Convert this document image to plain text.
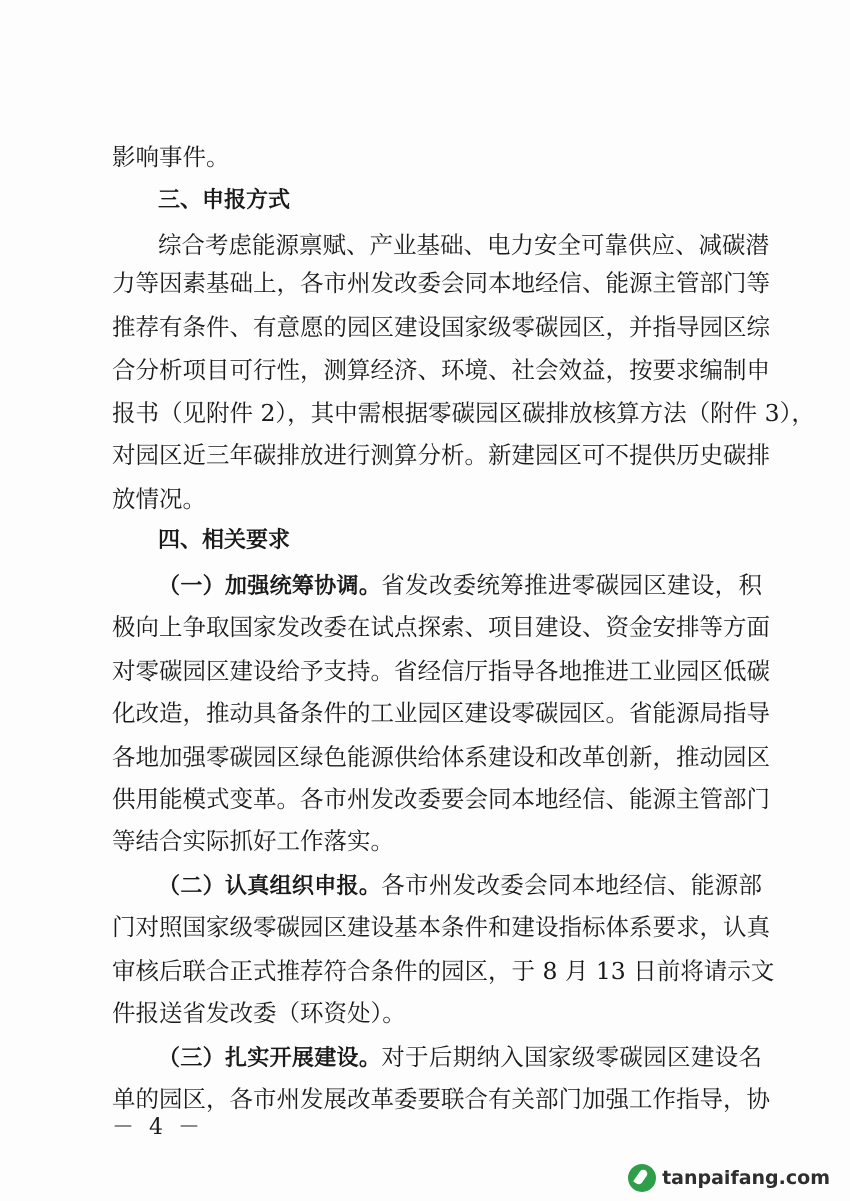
影响事件。
三、申报方式
综合考虑能源禀赋、产业基础、电力安全可靠供应、减碳潜
力等因素基础上，各市州发改委会同本地经信、能源主管部门等
推荐有条件、有意愿的园区建设国家级零碳园区，并指导园区综
合分析项目可行性，测算经济、环境、社会效益，按要求编制申
报书（见附件 2），其中需根据零碳园区碳排放核算方法（附件 3），
对园区近三年碳排放进行测算分析。新建园区可不提供历史碳排
放情况。
四、相关要求
（一）加强统筹协调。省发改委统筹推进零碳园区建设，积
极向上争取国家发改委在试点探索、项目建设、资金安排等方面
对零碳园区建设给予支持。省经信厅指导各地推进工业园区低碳
化改造，推动具备条件的工业园区建设零碳园区。省能源局指导
各地加强零碳园区绿色能源供给体系建设和改革创新，推动园区
供用能模式变革。各市州发改委要会同本地经信、能源主管部门
等结合实际抓好工作落实。
（二）认真组织申报。各市州发改委会同本地经信、能源部
门对照国家级零碳园区建设基本条件和建设指标体系要求，认真
审核后联合正式推荐符合条件的园区，于 8 月 13 日前将请示文
件报送省发改委（环资处）。
（三）扎实开展建设。对于后期纳入国家级零碳园区建设名
单的园区，各市州发展改革委要联合有关部门加强工作指导，协
－ 4 －
tanpaifang.com
